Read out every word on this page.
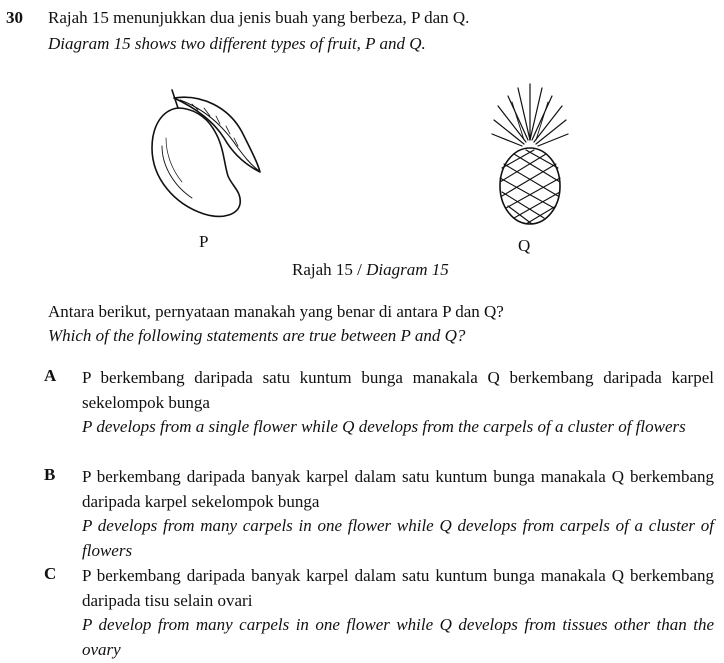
30 Rajah 15 menunjukkan dua jenis buah yang berbeza, P dan Q.
Diagram 15 shows two different types of fruit, P and Q.
P	Q
Rajah 15 / Diagram 15
Antara berikut, pernyataan manakah yang benar di antara P dan Q?
Which of the following statements are true between P and Q?
A P berkembang daripada satu kuntum bunga manakala Q berkembang daripada karpel sekelompok bunga
P develops from a single flower while Q develops from the carpels of a cluster of flowers
B P berkembang daripada banyak karpel dalam satu kuntum bunga manakala Q berkembang daripada karpel sekelompok bunga
P develops from many carpels in one flower while Q develops from carpels of a cluster of flowers
C P berkembang daripada banyak karpel dalam satu kuntum bunga manakala Q berkembang daripada tisu selain ovari
P develop from many carpels in one flower while Q develops from tissues other than the ovary
